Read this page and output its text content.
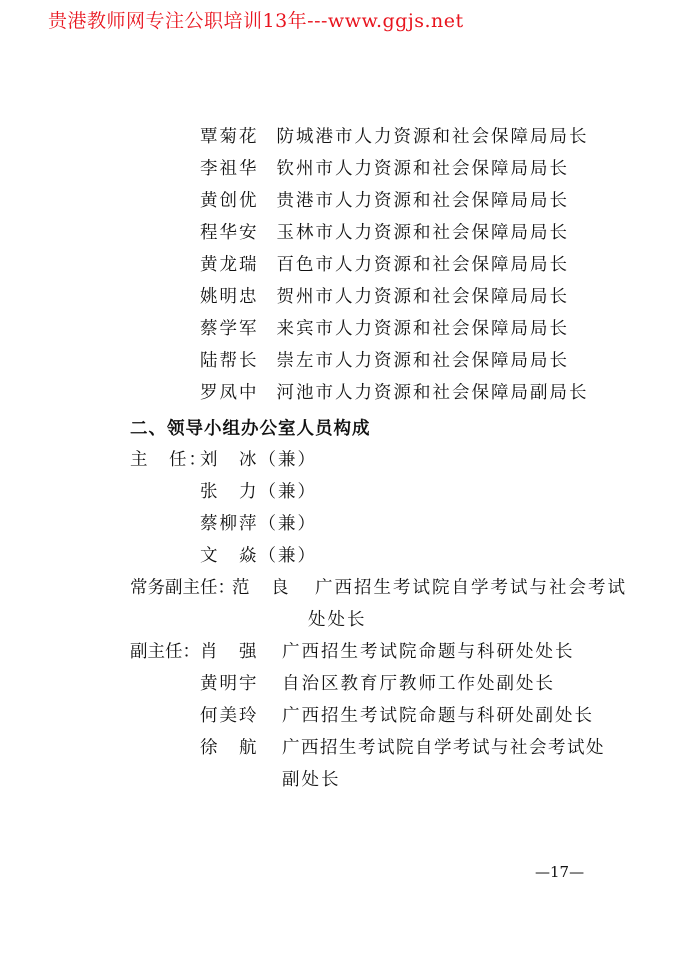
贵港教师网专注公职培训13年---www.ggjs.net
覃菊花 防城港市人力资源和社会保障局局长
李祖华 钦州市人力资源和社会保障局局长
黄创优 贵港市人力资源和社会保障局局长
程华安 玉林市人力资源和社会保障局局长
黄龙瑞 百色市人力资源和社会保障局局长
姚明忠 贺州市人力资源和社会保障局局长
蔡学军 来宾市人力资源和社会保障局局长
陆帮长 崇左市人力资源和社会保障局局长
罗凤中 河池市人力资源和社会保障局副局长
二、领导小组办公室人员构成
主　任：
刘　冰（兼）
张　力（兼）
蔡柳萍（兼）
文　焱（兼）
常务副主任：
范　良 广西招生考试院自学考试与社会考试
处处长
副主任： 肖　强 广西招生考试院命题与科研处处长
黄明宇 自治区教育厅教师工作处副处长
何美玲 广西招生考试院命题与科研处副处长
徐　航 广西招生考试院自学考试与社会考试处
副处长
—17—
